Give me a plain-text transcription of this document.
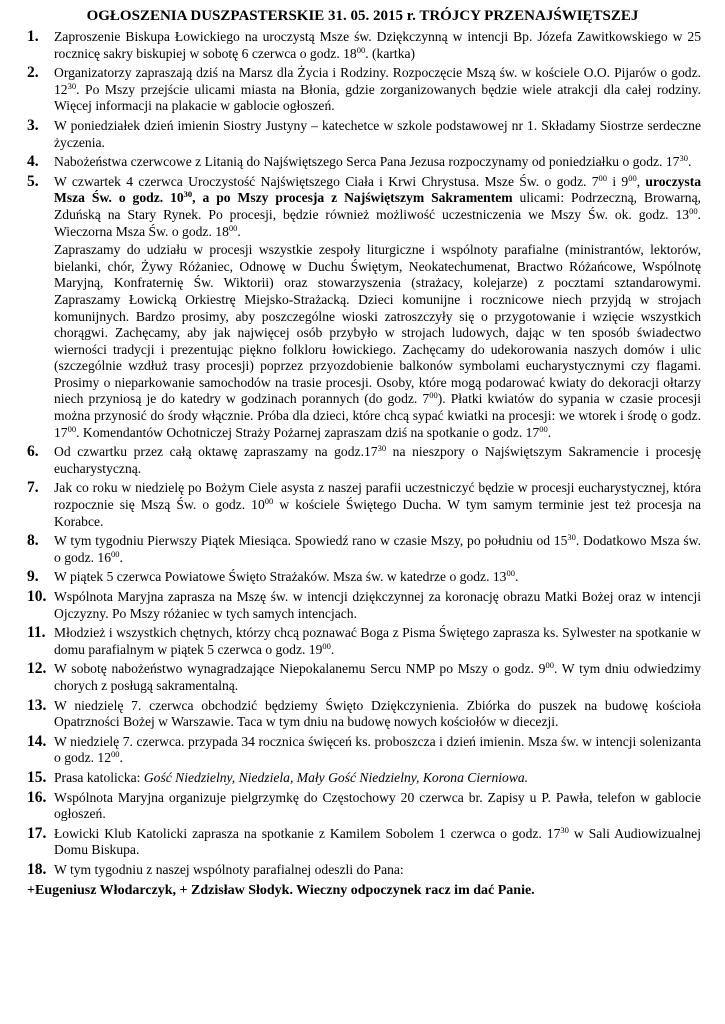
OGŁOSZENIA DUSZPASTERSKIE 31. 05. 2015 r. TRÓJCY PRZENAJŚWIĘTSZEJ
1. Zaproszenie Biskupa Łowickiego na uroczystą Msze św. Dziękczynną w intencji Bp. Józefa Zawitkowskiego w 25 rocznicę sakry biskupiej w sobotę 6 czerwca o godz. $18^{00}$. (kartka)

2. Organizatorzy zapraszają dziś na Marsz dla Życia i Rodziny. Rozpoczęcie Mszą św. w kościele O.O. Pijarów o godz. $12^{30}$. Po Mszy przejście ulicami miasta na Błonia, gdzie zorganizowanych będzie wiele atrakcji dla całej rodziny. Więcej informacji na plakacie w gablocie ogłoszeń.

3. W poniedziałek dzień imienin Siostry Justyny – katechetce w szkole podstawowej nr 1. Składamy Siostrze serdeczne życzenia.

4. Nabożeństwa czerwcowe z Litanią do Najświętszego Serca Pana Jezusa rozpoczynamy od poniedziałku o godz. $17^{30}$.

5. W czwartek 4 czerwca Uroczystość Najświętszego Ciała i Krwi Chrystusa. Msze Św. o godz. $7^{00}$ i $9^{00}$, uroczysta Msza Św. o godz. $10^{30}$, a po Mszy procesja z Najświętszym Sakramentem ulicami: Podrzeczną, Browarną, Zduńską na Stary Rynek. Po procesji, będzie również możliwość uczestniczenia we Mszy Św. ok. godz. $13^{00}$. Wieczorna Msza Św. o godz. $18^{00}$.

Zapraszamy do udziału w procesji wszystkie zespoły liturgiczne i wspólnoty parafialne (ministrantów, lektorów, bielanki, chór, Żywy Różaniec, Odnowę w Duchu Świętym, Neokatechumenat, Bractwo Różańcowe, Wspólnotę Maryjną, Konfraternię Św. Wiktorii) oraz stowarzyszenia (strażacy, kolejarze) z pocztami sztandarowymi. Zapraszamy Łowicką Orkiestrę Miejsko-Strażacką. Dzieci komunijne i rocznicowe niech przyjdą w strojach komunijnych. Bardzo prosimy, aby poszczególne wioski zatroszczyły się o przygotowanie i wzięcie wszystkich chorągwi. Zachęcamy, aby jak najwięcej osób przybyło w strojach ludowych, dając w ten sposób świadectwo wierności tradycji i prezentując piękno folkloru łowickiego. Zachęcamy do udekorowania naszych domów i ulic (szczególnie wzdłuż trasy procesji) poprzez przyozdobienie balkonów symbolami eucharystycznymi czy flagami. Prosimy o nieparkowanie samochodów na trasie procesji. Osoby, które mogą podarować kwiaty do dekoracji ołtarzy niech przyniosą je do katedry w godzinach porannych (do godz. $7^{00}$). Płatki kwiatów do sypania w czasie procesji można przynosić do środy włącznie. Próba dla dzieci, które chcą sypać kwiatki na procesji: we wtorek i środę o godz. $17^{00}$. Komendantów Ochotniczej Straży Pożarnej zapraszam dziś na spotkanie o godz. $17^{00}$.

6. Od czwartku przez całą oktawę zapraszamy na $godz.17^{30}$ na nieszpory o Najświętszym Sakramencie i procesję eucharystyczną.

7. Jak co roku w niedzielę po Bożym Ciele asysta z naszej parafii uczestniczyć będzie w procesji eucharystycznej, która rozpocznie się Mszą Św. o godz. $10^{00}$ w kościele Świętego Ducha. W tym samym terminie jest też procesja na Korabce.

8. W tym tygodniu Pierwszy Piątek Miesiąca. Spowiedź rano w czasie Mszy, po południu od $15^{30}$. Dodatkowo Msza św. o godz. $16^{00}$.

9. W piątek 5 czerwca Powiatowe Święto Strażaków. Msza św. w katedrze o godz. $13^{00}$.

10. Wspólnota Maryjna zaprasza na Mszę św. w intencji dziękczynnej za koronację obrazu Matki Bożej oraz w intencji Ojczyzny. Po Mszy różaniec w tych samych intencjach.

11. Młodzież i wszystkich chętnych, którzy chcą poznawać Boga z Pisma Świętego zaprasza ks. Sylwester na spotkanie w domu parafialnym w piątek 5 czerwca o godz. $19^{00}$.

12. W sobotę nabożeństwo wynagradzające Niepokalanemu Sercu NMP po Mszy o godz. $9^{00}$. W tym dniu odwiedzimy chorych z posługą sakramentalną.

13. W niedzielę 7. czerwca obchodzić będziemy Święto Dziękczynienia. Zbiórka do puszek na budowę kościoła Opatrzności Bożej w Warszawie. Taca w tym dniu na budowę nowych kościołów w diecezji.

14. W niedzielę 7. czerwca. przypada 34 rocznica święceń ks. proboszcza i dzień imienin. Msza św. w intencji solenizanta o godz. $12^{00}$.

15. Prasa katolicka: Gość Niedzielny, Niedziela, Mały Gość Niedzielny, Korona Cierniowa.

16. Wspólnota Maryjna organizuje pielgrzymkę do Częstochowy 20 czerwca br. Zapisy u P. Pawła, telefon w gablocie ogłoszeń.

17. Łowicki Klub Katolicki zaprasza na spotkanie z Kamilem Sobolem 1 czerwca o godz. $17^{30}$ w Sali Audiowizualnej Domu Biskupa.

18. W tym tygodniu z naszej wspólnoty parafialnej odeszli do Pana:

+Eugeniusz Włodarczyk, + Zdzisław Słodyk. Wieczny odpoczynek racz im dać Panie.
